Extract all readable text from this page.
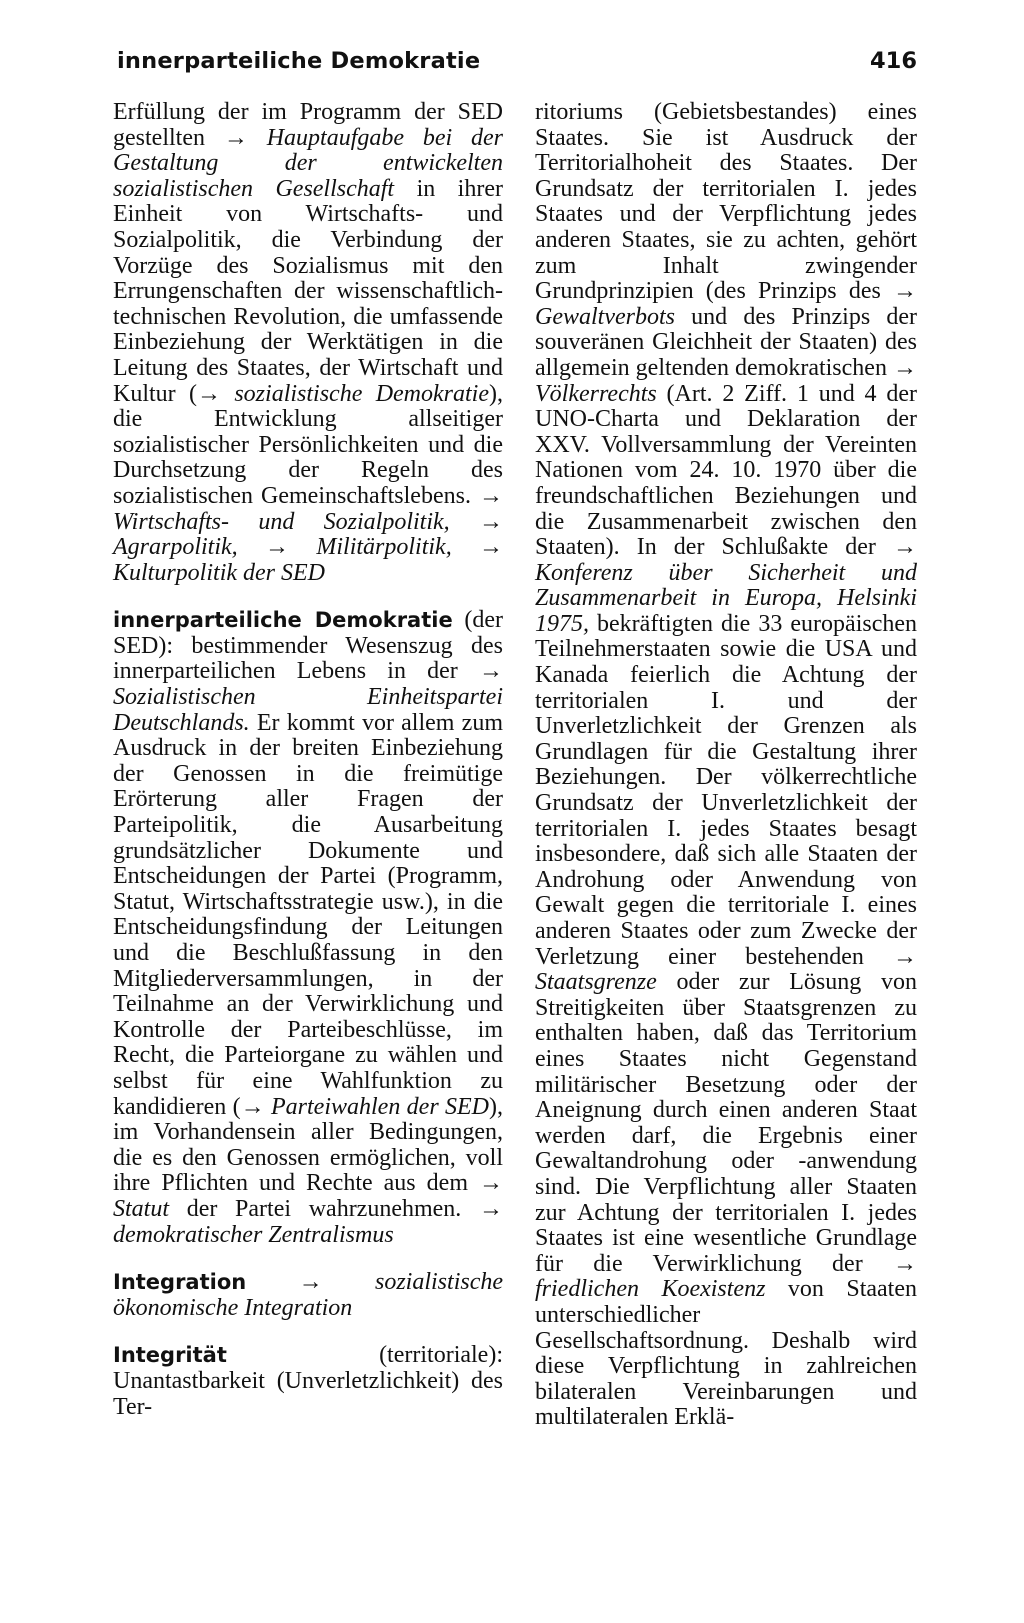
innerparteiliche Demokratie	416

Erfüllung der im Programm der SED gestellten → Hauptaufgabe bei der Gestaltung der entwickelten sozialistischen Gesellschaft in ihrer Einheit von Wirtschafts- und Sozialpolitik, die Verbindung der Vorzüge des Sozialismus mit den Errungenschaften der wissenschaftlich-technischen Revolution, die umfassende Einbeziehung der Werktätigen in die Leitung des Staates, der Wirtschaft und Kultur (→ sozialistische Demokratie), die Entwicklung allseitiger sozialistischer Persönlichkeiten und die Durchsetzung der Regeln des sozialistischen Gemeinschaftslebens. → Wirtschafts- und Sozialpolitik, → Agrarpolitik, → Militärpolitik, → Kulturpolitik der SED

innerparteiliche Demokratie (der SED): bestimmender Wesenszug des innerparteilichen Lebens in der → Sozialistischen Einheitspartei Deutschlands. Er kommt vor allem zum Ausdruck in der breiten Einbeziehung der Genossen in die freimütige Erörterung aller Fragen der Parteipolitik, die Ausarbeitung grundsätzlicher Dokumente und Entscheidungen der Partei (Programm, Statut, Wirtschaftsstrategie usw.), in die Entscheidungsfindung der Leitungen und die Beschlußfassung in den Mitgliederversammlungen, in der Teilnahme an der Verwirklichung und Kontrolle der Parteibeschlüsse, im Recht, die Parteiorgane zu wählen und selbst für eine Wahlfunktion zu kandidieren (→ Parteiwahlen der SED), im Vorhandensein aller Bedingungen, die es den Genossen ermöglichen, voll ihre Pflichten und Rechte aus dem → Statut der Partei wahrzunehmen. → demokratischer Zentralismus

Integration → sozialistische ökonomische Integration

Integrität (territoriale): Unantastbarkeit (Unverletzlichkeit) des Ter-

ritoriums (Gebietsbestandes) eines Staates. Sie ist Ausdruck der Territorialhoheit des Staates. Der Grundsatz der territorialen I. jedes Staates und der Verpflichtung jedes anderen Staates, sie zu achten, gehört zum Inhalt zwingender Grundprinzipien (des Prinzips des → Gewaltverbots und des Prinzips der souveränen Gleichheit der Staaten) des allgemein geltenden demokratischen → Völkerrechts (Art. 2 Ziff. 1 und 4 der UNO-Charta und Deklaration der XXV. Vollversammlung der Vereinten Nationen vom 24. 10. 1970 über die freundschaftlichen Beziehungen und die Zusammenarbeit zwischen den Staaten). In der Schlußakte der → Konferenz über Sicherheit und Zusammenarbeit in Europa, Helsinki 1975, bekräftigten die 33 europäischen Teilnehmerstaaten sowie die USA und Kanada feierlich die Achtung der territorialen I. und der Unverletzlichkeit der Grenzen als Grundlagen für die Gestaltung ihrer Beziehungen. Der völkerrechtliche Grundsatz der Unverletzlichkeit der territorialen I. jedes Staates besagt insbesondere, daß sich alle Staaten der Androhung oder Anwendung von Gewalt gegen die territoriale I. eines anderen Staates oder zum Zwecke der Verletzung einer bestehenden → Staatsgrenze oder zur Lösung von Streitigkeiten über Staatsgrenzen zu enthalten haben, daß das Territorium eines Staates nicht Gegenstand militärischer Besetzung oder der Aneignung durch einen anderen Staat werden darf, die Ergebnis einer Gewaltandrohung oder -anwendung sind. Die Verpflichtung aller Staaten zur Achtung der territorialen I. jedes Staates ist eine wesentliche Grundlage für die Verwirklichung der → friedlichen Koexistenz von Staaten unterschiedlicher Gesellschaftsordnung. Deshalb wird diese Verpflichtung in zahlreichen bilateralen Vereinbarungen und multilateralen Erklä-
